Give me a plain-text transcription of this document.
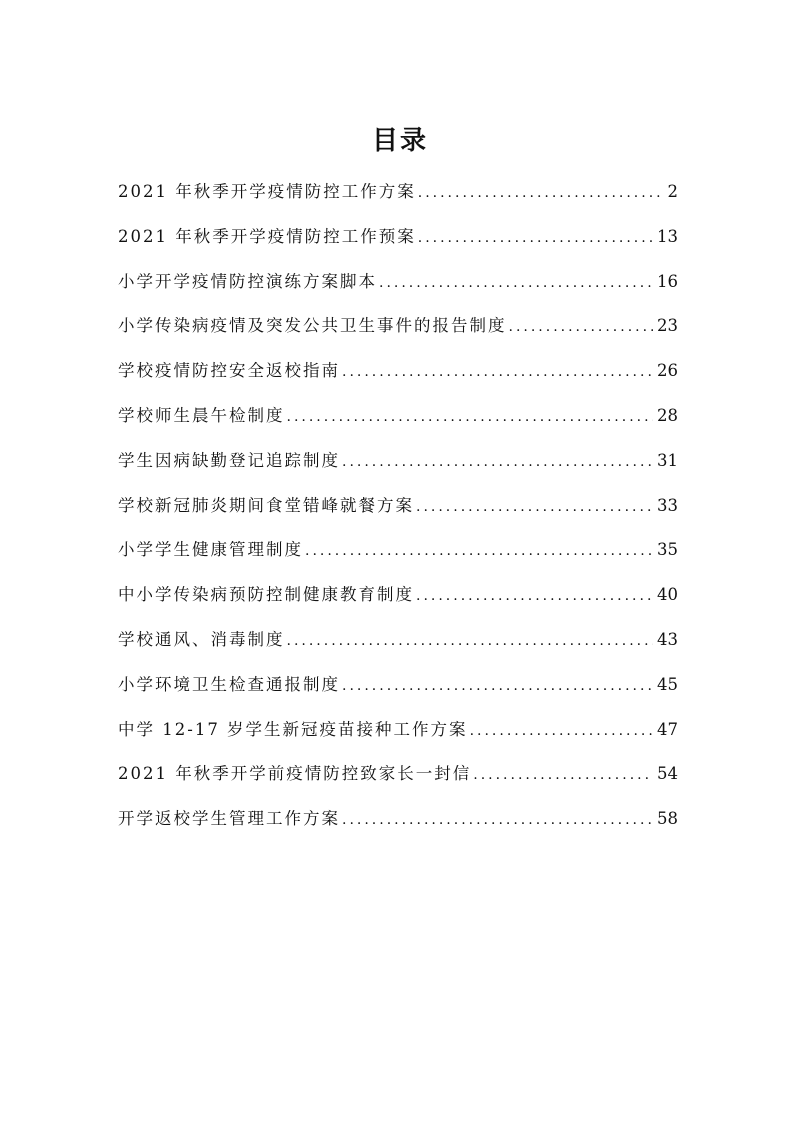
目录
2021 年秋季开学疫情防控工作方案 .....	2
2021 年秋季开学疫情防控工作预案 .....	13
小学开学疫情防控演练方案脚本 .....	16
小学传染病疫情及突发公共卫生事件的报告制度 .....	23
学校疫情防控安全返校指南 .....	26
学校师生晨午检制度 .....	28
学生因病缺勤登记追踪制度 .....	31
学校新冠肺炎期间食堂错峰就餐方案 .....	33
小学学生健康管理制度 .....	35
中小学传染病预防控制健康教育制度 .....	40
学校通风、消毒制度 .....	43
小学环境卫生检查通报制度 .....	45
中学 12-17 岁学生新冠疫苗接种工作方案 .....	47
2021 年秋季开学前疫情防控致家长一封信 .....	54
开学返校学生管理工作方案 .....	58
